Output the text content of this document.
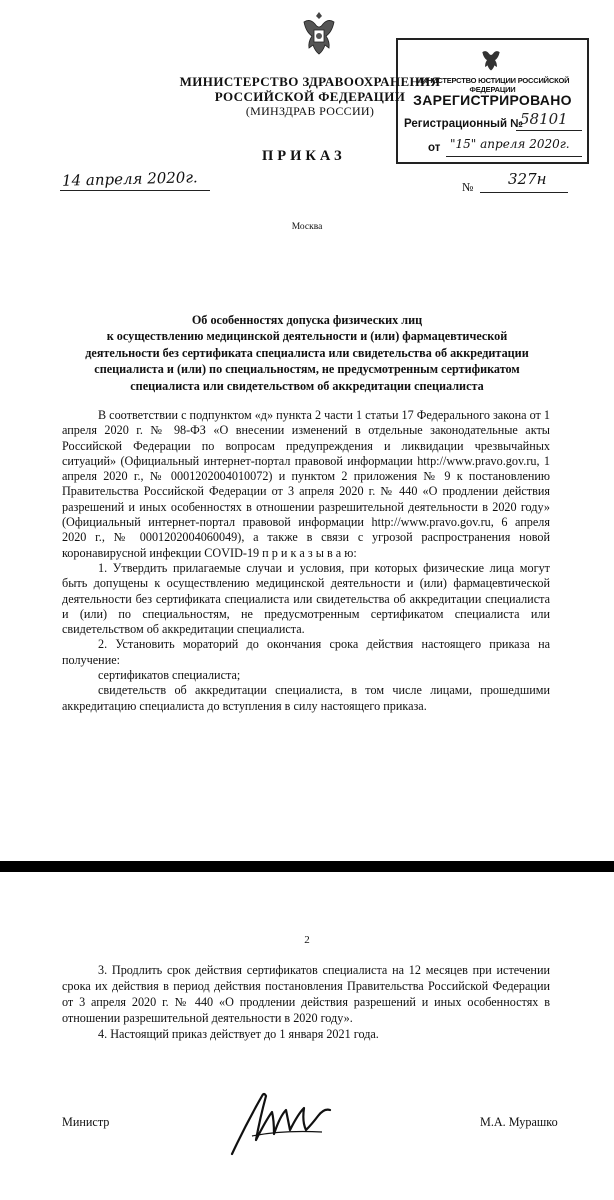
МИНИСТЕРСТВО ЮСТИЦИИ РОССИЙСКОЙ ФЕДЕРАЦИИ
ЗАРЕГИСТРИРОВАНО
Регистрационный №
58101
от "15" апреля 2020г.
МИНИСТЕРСТВО ЗДРАВООХРАНЕНИЯ
РОССИЙСКОЙ ФЕДЕРАЦИИ
(МИНЗДРАВ РОССИИ)
ПРИКАЗ
14 апреля 2020г.	№ 327н
Москва
Об особенностях допуска физических лиц
к осуществлению медицинской деятельности и (или) фармацевтической
деятельности без сертификата специалиста или свидетельства об аккредитации
специалиста и (или) по специальностям, не предусмотренным сертификатом
специалиста или свидетельством об аккредитации специалиста

В соответствии с подпунктом «д» пункта 2 части 1 статьи 17 Федерального закона от 1 апреля 2020 г. № 98-ФЗ «О внесении изменений в отдельные законодательные акты Российской Федерации по вопросам предупреждения и ликвидации чрезвычайных ситуаций» (Официальный интернет-портал правовой информации http://www.pravo.gov.ru, 1 апреля 2020 г., № 0001202004010072) и пунктом 2 приложения № 9 к постановлению Правительства Российской Федерации от 3 апреля 2020 г. № 440 «О продлении действия разрешений и иных особенностях в отношении разрешительной деятельности в 2020 году» (Официальный интернет-портал правовой информации http://www.pravo.gov.ru, 6 апреля 2020 г., № 0001202004060049), а также в связи с угрозой распространения новой коронавирусной инфекции COVID-19 п р и к а з ы в а ю:

1. Утвердить прилагаемые случаи и условия, при которых физические лица могут быть допущены к осуществлению медицинской деятельности и (или) фармацевтической деятельности без сертификата специалиста или свидетельства об аккредитации специалиста и (или) по специальностям, не предусмотренным сертификатом специалиста или свидетельством об аккредитации специалиста.

2. Установить мораторий до окончания срока действия настоящего приказа на получение:

сертификатов специалиста;

свидетельств об аккредитации специалиста, в том числе лицами, прошедшими аккредитацию специалиста до вступления в силу настоящего приказа.

2

3. Продлить срок действия сертификатов специалиста на 12 месяцев при истечении срока их действия в период действия постановления Правительства Российской Федерации от 3 апреля 2020 г. № 440 «О продлении действия разрешений и иных особенностях в отношении разрешительной деятельности в 2020 году».

4. Настоящий приказ действует до 1 января 2021 года.

Министр	М.А. Мурашко
